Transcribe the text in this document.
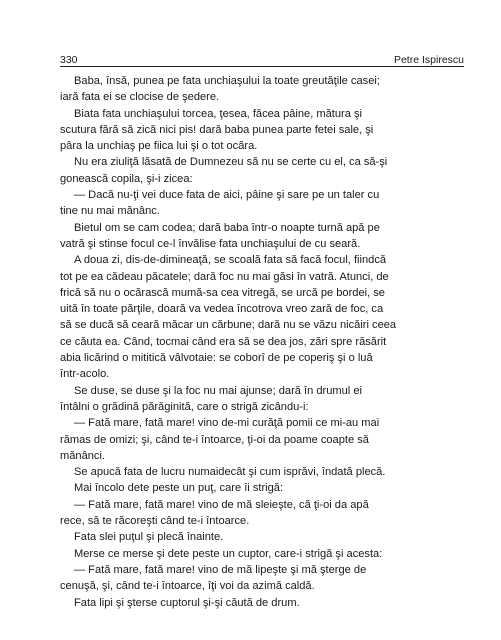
330	Petre Ispirescu
Baba, însă, punea pe fata unchiaşului la toate greutăţile casei;
iară fata ei se clocise de şedere.
Biata fata unchiaşului torcea, ţesea, făcea pâine, mătura şi
scutura fără să zică nici pis! dară baba punea parte fetei sale, şi
pâra la unchiaş pe fiica lui şi o tot ocăra.
Nu era ziuliţă lăsată de Dumnezeu să nu se certe cu el, ca să-şi
gonească copila, şi-i zicea:
— Dacă nu-ţi vei duce fata de aici, pâine şi sare pe un taler cu
tine nu mai mănânc.
Bietul om se cam codea; dară baba într-o noapte turnă apă pe
vatră şi stinse focul ce-l învălise fata unchiaşului de cu seară.
A doua zi, dis-de-dimineaţă, se scoală fata să facă focul, fiindcă
tot pe ea cădeau păcatele; dară foc nu mai găsi în vatră. Atunci, de
frică să nu o ocărască mumă-sa cea vitregă, se urcă pe bordei, se
uită în toate părţile, doară va vedea încotrova vreo zară de foc, ca
să se ducă să ceară măcar un cărbune; dară nu se văzu nicăiri ceea
ce căuta ea. Când, tocmai când era să se dea jos, zări spre răsărit
abia licărind o mititică vâlvotaie: se coborî de pe coperiş şi o luă
într-acolo.
Se duse, se duse şi la foc nu mai ajunse; dară în drumul ei
întâlni o grădină părăginită, care o strigă zicându-i:
— Fată mare, fată mare! vino de-mi curăţă pomii ce mi-au mai
rămas de omizi; şi, când te-i întoarce, ţi-oi da poame coapte să
mănânci.
Se apucă fata de lucru numaidecât şi cum isprăvi, îndată plecă.
Mai încolo dete peste un puţ, care îi strigă:
— Fată mare, fată mare! vino de mă sleieşte, că ţi-oi da apă
rece, să te răcoreşti când te-i întoarce.
Fata slei puţul şi plecă înainte.
Merse ce merse şi dete peste un cuptor, care-i strigă şi acesta:
— Fată mare, fată mare! vino de mă lipeşte şi mă şterge de
cenuşă, şi, când te-i întoarce, îţi voi da azimă caldă.
Fata lipi şi şterse cuptorul şi-şi căută de drum.
